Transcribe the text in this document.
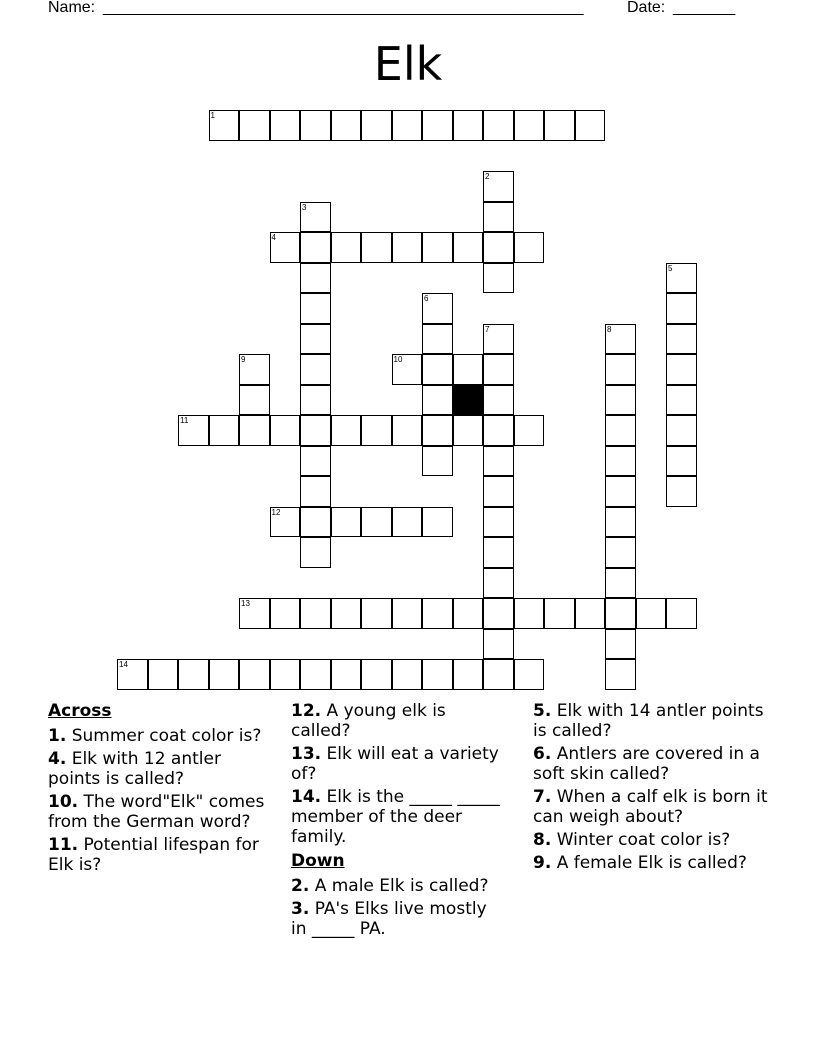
Name: ______________________________________________________	Date: _______
Elk
1
2
3
4
5
6
7	8
9	10
11
12
13
14
Across
1. Summer coat color is?
4. Elk with 12 antler points is called?
10. The word"Elk" comes from the German word?
11. Potential lifespan for Elk is?
12. A young elk is called?
13. Elk will eat a variety of?
14. Elk is the _____ _____ member of the deer family.
Down
2. A male Elk is called?
3. PA's Elks live mostly in _____ PA.
5. Elk with 14 antler points is called?
6. Antlers are covered in a soft skin called?
7. When a calf elk is born it can weigh about?
8. Winter coat color is?
9. A female Elk is called?
